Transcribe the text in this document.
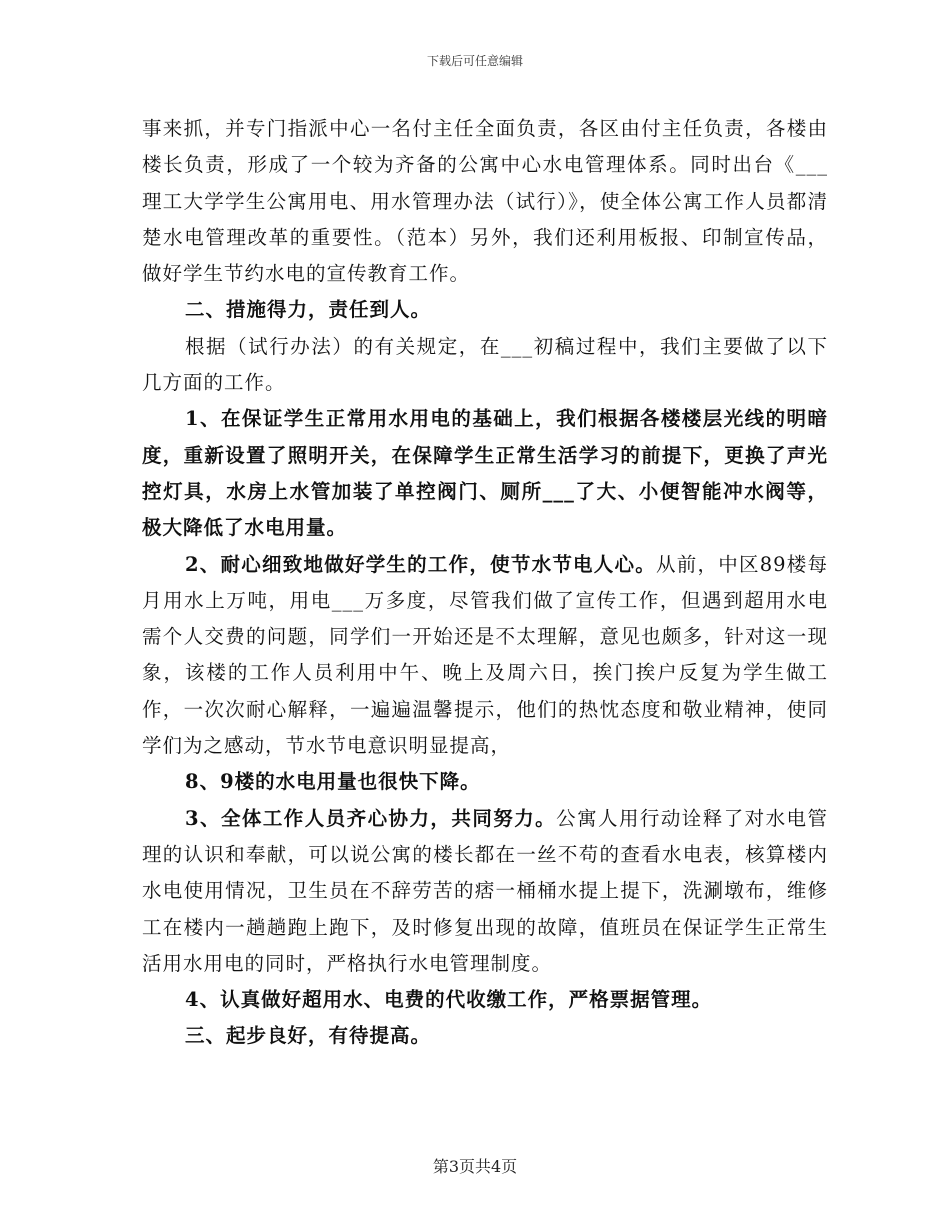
下载后可任意编辑

事来抓，并专门指派中心一名付主任全面负责，各区由付主任负责，各楼由楼长负责，形成了一个较为齐备的公寓中心水电管理体系。同时出台《___理工大学学生公寓用电、用水管理办法（试行）》，使全体公寓工作人员都清楚水电管理改革的重要性。（范本）另外，我们还利用板报、印制宣传品，做好学生节约水电的宣传教育工作。

二、措施得力，责任到人。

根据（试行办法）的有关规定，在___初稿过程中，我们主要做了以下几方面的工作。

1、在保证学生正常用水用电的基础上，我们根据各楼楼层光线的明暗度，重新设置了照明开关，在保障学生正常生活学习的前提下，更换了声光控灯具，水房上水管加装了单控阀门、厕所___了大、小便智能冲水阀等，极大降低了水电用量。

2、耐心细致地做好学生的工作，使节水节电人心。从前，中区89楼每月用水上万吨，用电___万多度，尽管我们做了宣传工作，但遇到超用水电需个人交费的问题，同学们一开始还是不太理解，意见也颇多，针对这一现象，该楼的工作人员利用中午、晚上及周六日，挨门挨户反复为学生做工作，一次次耐心解释，一遍遍温馨提示，他们的热忱态度和敬业精神，使同学们为之感动，节水节电意识明显提高，

8、9楼的水电用量也很快下降。

3、全体工作人员齐心协力，共同努力。公寓人用行动诠释了对水电管理的认识和奉献，可以说公寓的楼长都在一丝不苟的查看水电表，核算楼内水电使用情况，卫生员在不辞劳苦的痞一桶桶水提上提下，洗涮墩布，维修工在楼内一趟趟跑上跑下，及时修复出现的故障，值班员在保证学生正常生活用水用电的同时，严格执行水电管理制度。

4、认真做好超用水、电费的代收缴工作，严格票据管理。

三、起步良好，有待提高。

第3页共4页
